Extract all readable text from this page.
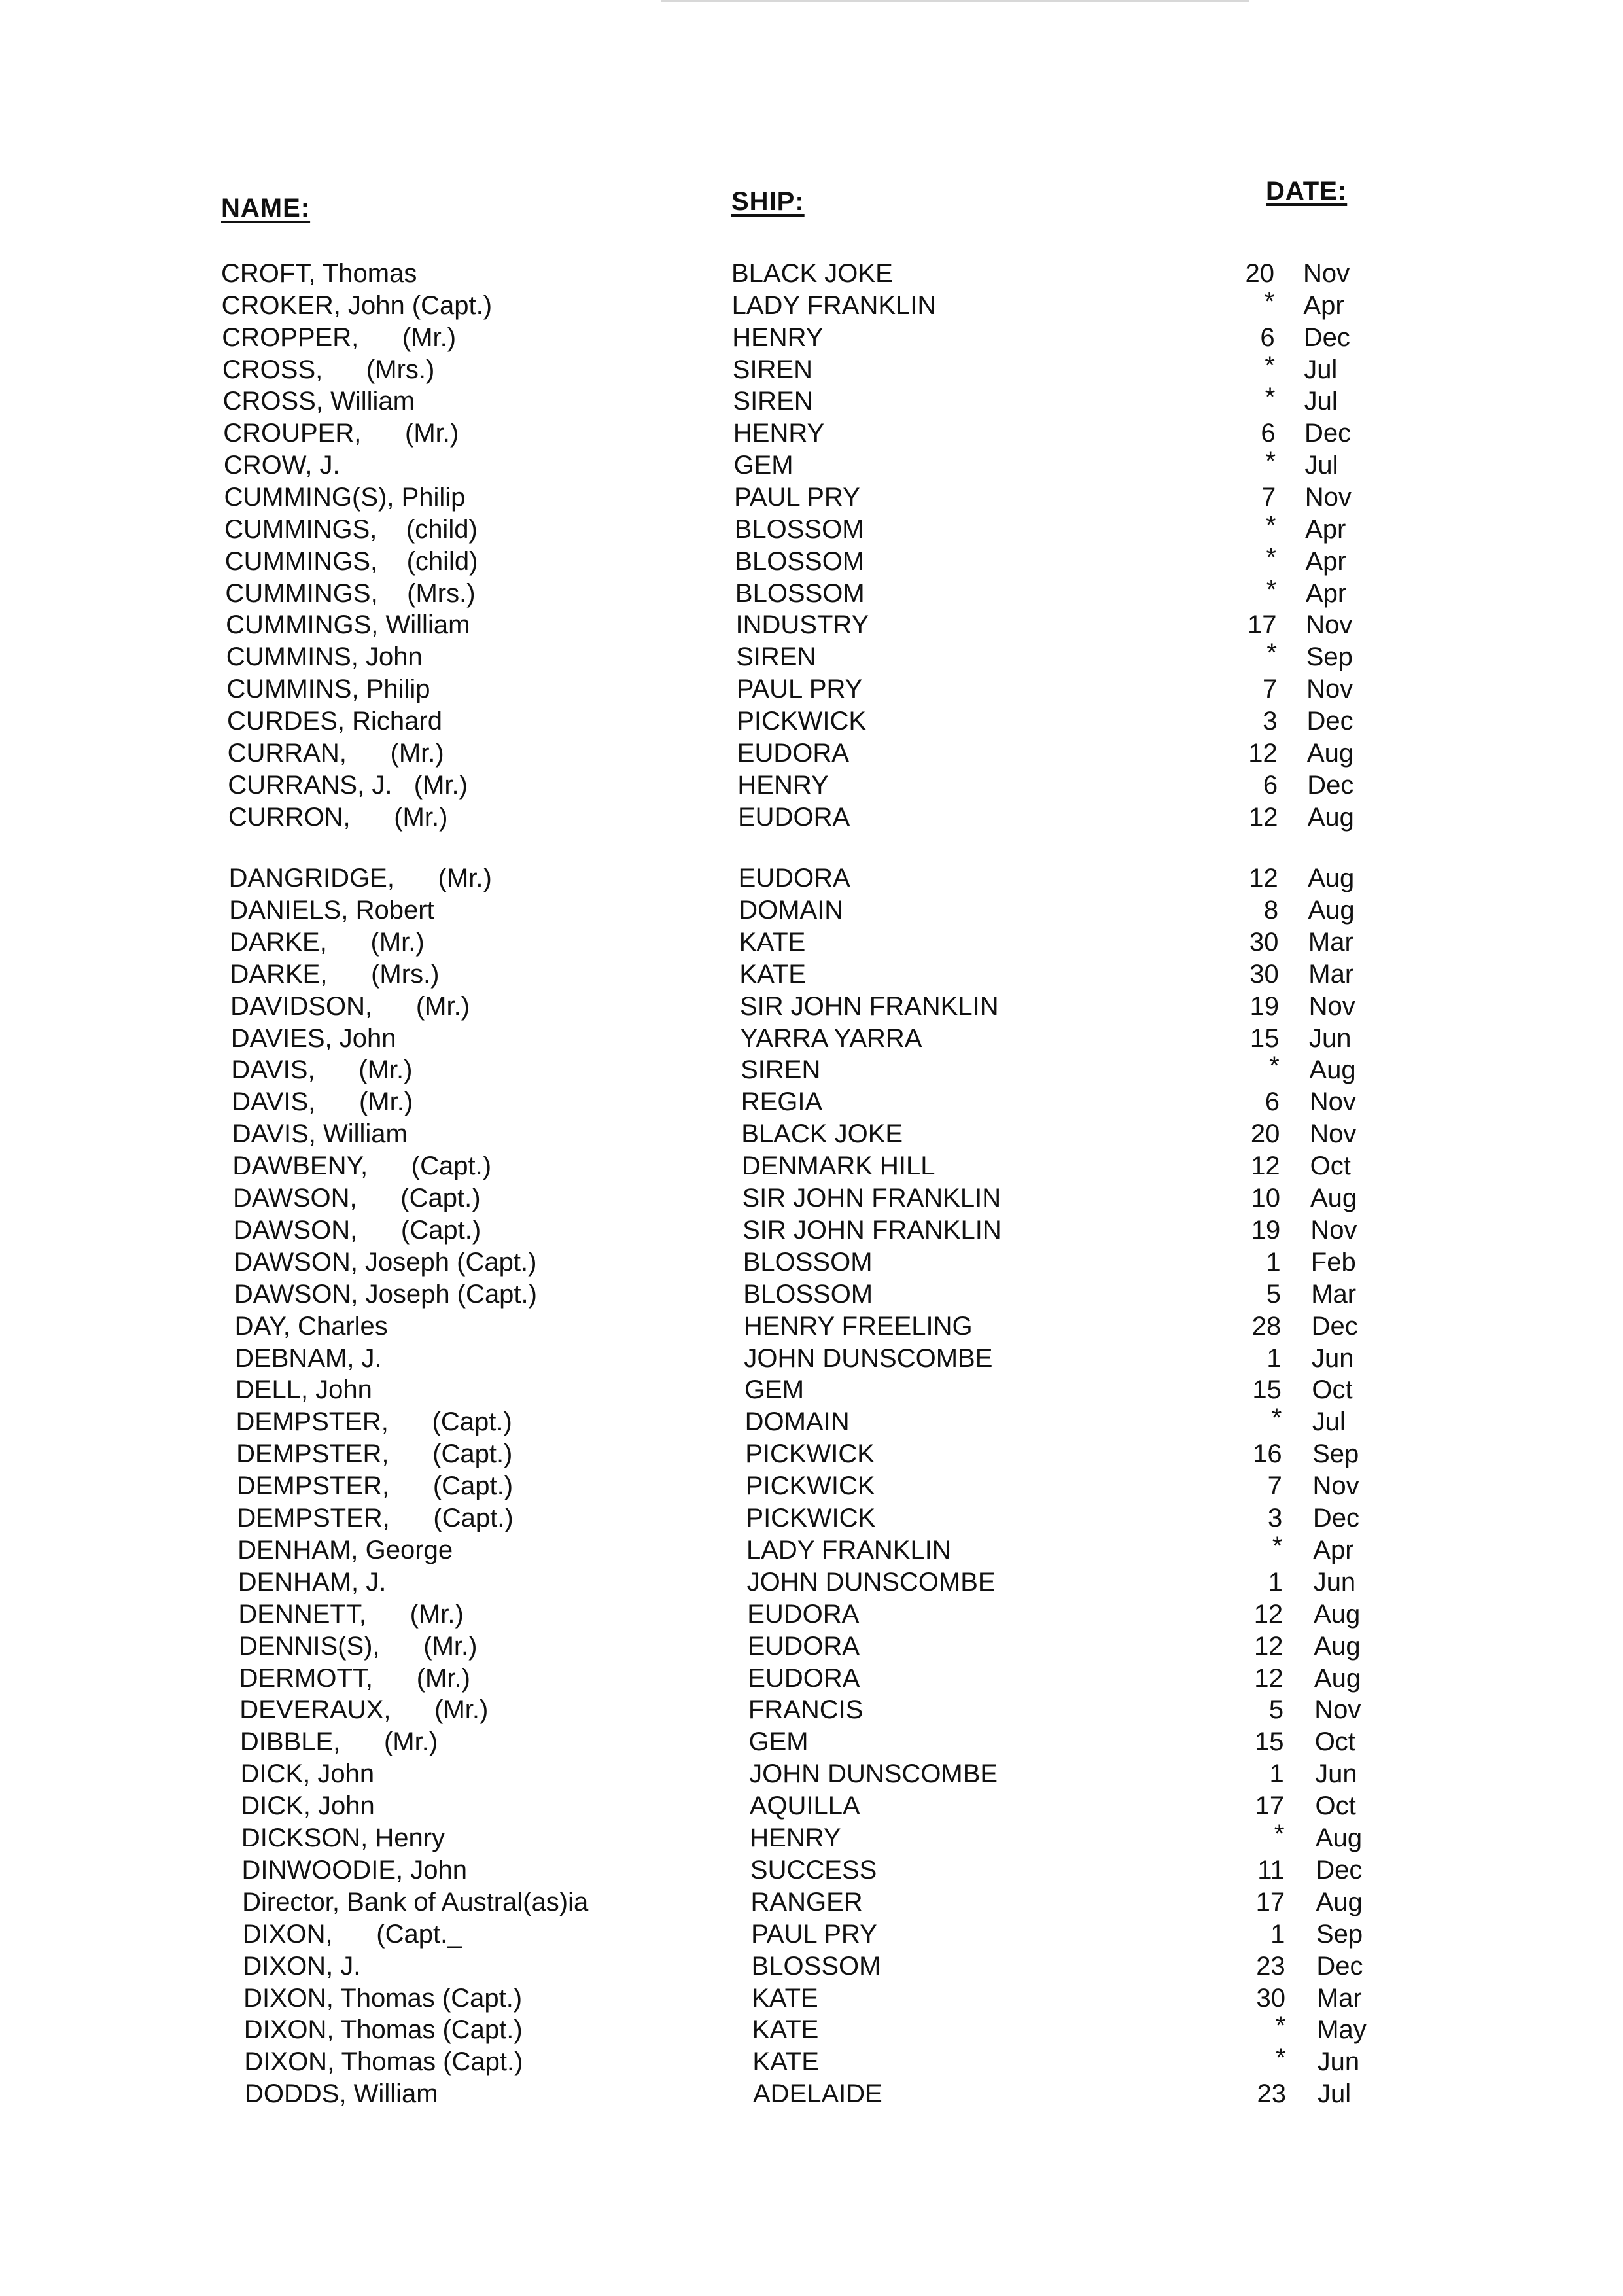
NAME:	SHIP:	DATE:
CROFT, Thomas	BLACK JOKE	20 Nov
CROKER, John (Capt.)	LADY FRANKLIN	* Apr
CROPPER,      (Mr.)	HENRY	6 Dec
CROSS,      (Mrs.)	SIREN	* Jul
CROSS, William	SIREN	* Jul
CROUPER,      (Mr.)	HENRY	6 Dec
CROW, J.	GEM	* Jul
CUMMING(S), Philip	PAUL PRY	7 Nov
CUMMINGS,    (child)	BLOSSOM	* Apr
CUMMINGS,    (child)	BLOSSOM	* Apr
CUMMINGS,    (Mrs.)	BLOSSOM	* Apr
CUMMINGS, William	INDUSTRY	17 Nov
CUMMINS, John	SIREN	* Sep
CUMMINS, Philip	PAUL PRY	7 Nov
CURDES, Richard	PICKWICK	3 Dec
CURRAN,      (Mr.)	EUDORA	12 Aug
CURRANS, J.   (Mr.)	HENRY	6 Dec
CURRON,      (Mr.)	EUDORA	12 Aug
DANGRIDGE,      (Mr.)	EUDORA	12 Aug
DANIELS, Robert	DOMAIN	8 Aug
DARKE,      (Mr.)	KATE	30 Mar
DARKE,      (Mrs.)	KATE	30 Mar
DAVIDSON,      (Mr.)	SIR JOHN FRANKLIN	19 Nov
DAVIES, John	YARRA YARRA	15 Jun
DAVIS,      (Mr.)	SIREN	* Aug
DAVIS,      (Mr.)	REGIA	6 Nov
DAVIS, William	BLACK JOKE	20 Nov
DAWBENY,      (Capt.)	DENMARK HILL	12 Oct
DAWSON,      (Capt.)	SIR JOHN FRANKLIN	10 Aug
DAWSON,      (Capt.)	SIR JOHN FRANKLIN	19 Nov
DAWSON, Joseph (Capt.)	BLOSSOM	1 Feb
DAWSON, Joseph (Capt.)	BLOSSOM	5 Mar
DAY, Charles	HENRY FREELING	28 Dec
DEBNAM, J.	JOHN DUNSCOMBE	1 Jun
DELL, John	GEM	15 Oct
DEMPSTER,      (Capt.)	DOMAIN	* Jul
DEMPSTER,      (Capt.)	PICKWICK	16 Sep
DEMPSTER,      (Capt.)	PICKWICK	7 Nov
DEMPSTER,      (Capt.)	PICKWICK	3 Dec
DENHAM, George	LADY FRANKLIN	* Apr
DENHAM, J.	JOHN DUNSCOMBE	1 Jun
DENNETT,      (Mr.)	EUDORA	12 Aug
DENNIS(S),      (Mr.)	EUDORA	12 Aug
DERMOTT,      (Mr.)	EUDORA	12 Aug
DEVERAUX,      (Mr.)	FRANCIS	5 Nov
DIBBLE,      (Mr.)	GEM	15 Oct
DICK, John	JOHN DUNSCOMBE	1 Jun
DICK, John	AQUILLA	17 Oct
DICKSON, Henry	HENRY	* Aug
DINWOODIE, John	SUCCESS	11 Dec
Director, Bank of Austral(as)ia	RANGER	17 Aug
DIXON,      (Capt._	PAUL PRY	1 Sep
DIXON, J.	BLOSSOM	23 Dec
DIXON, Thomas (Capt.)	KATE	30 Mar
DIXON, Thomas (Capt.)	KATE	* May
DIXON, Thomas (Capt.)	KATE	* Jun
DODDS, William	ADELAIDE	23 Jul
